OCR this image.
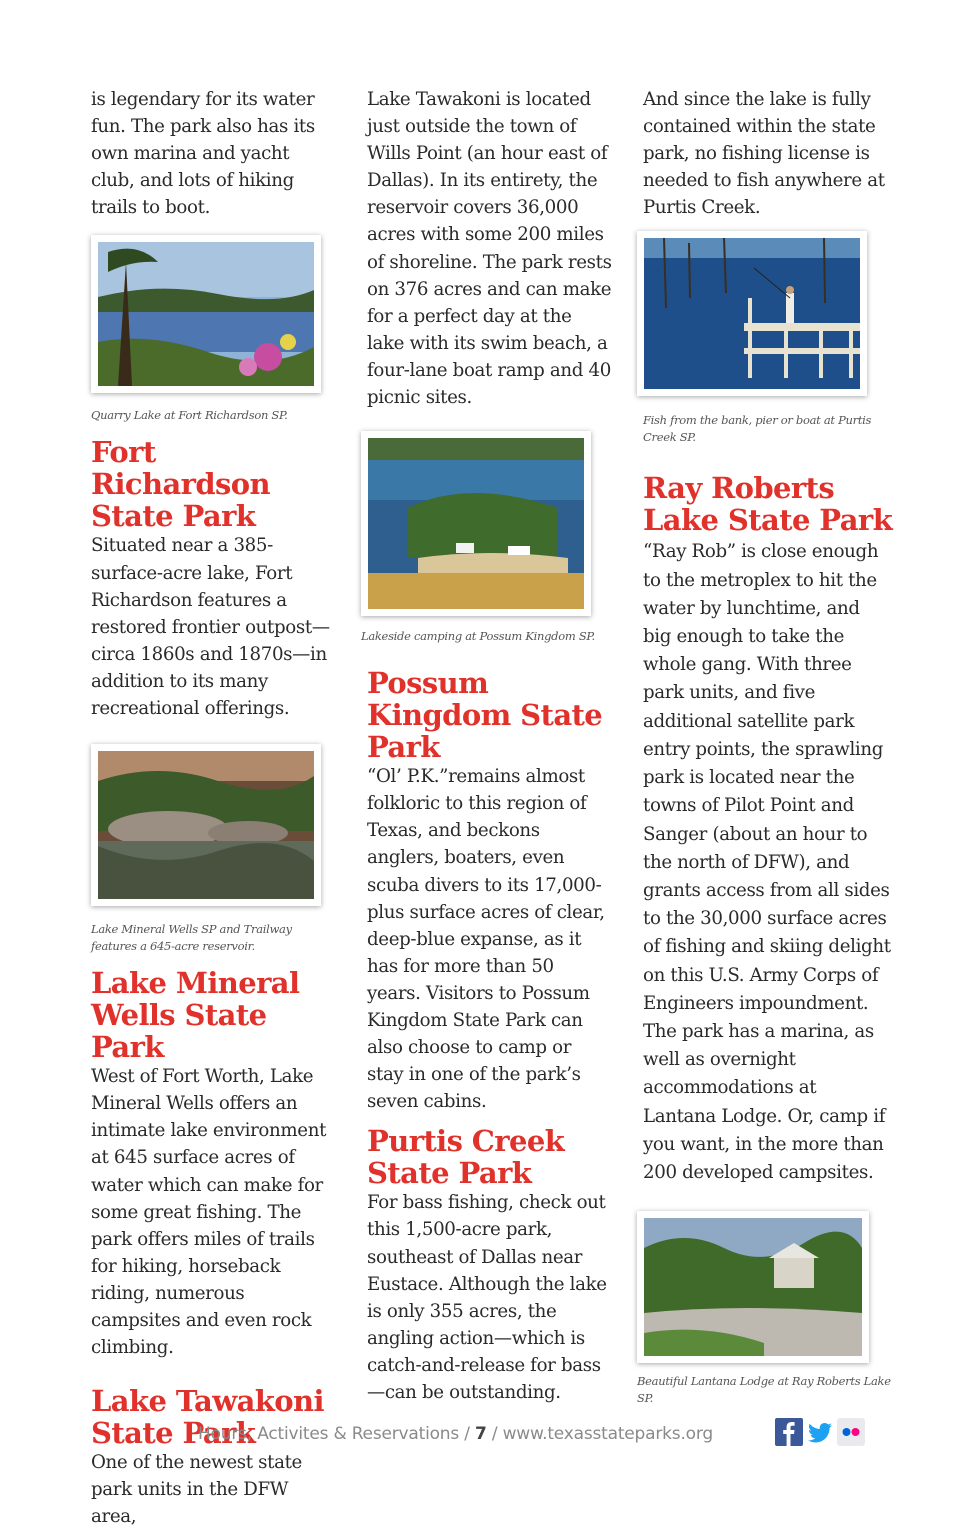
is legendary for its water fun. The park also has its own marina and yacht club, and lots of hiking trails to boot.

Quarry Lake at Fort Richardson SP.

Fort Richardson State Park

Situated near a 385-surface-acre lake, Fort Richardson features a restored frontier outpost—circa 1860s and 1870s—in addition to its many recreational offerings.

Lake Mineral Wells SP and Trailway features a 645-acre reservoir.

Lake Mineral Wells State Park

West of Fort Worth, Lake Mineral Wells offers an intimate lake environment at 645 surface acres of water which can make for some great fishing. The park offers miles of trails for hiking, horseback riding, numerous campsites and even rock climbing.

Lake Tawakoni State Park

One of the newest state park units in the DFW area,

Lake Tawakoni is located just outside the town of Wills Point (an hour east of Dallas). In its entirety, the reservoir covers 36,000 acres with some 200 miles of shoreline. The park rests on 376 acres and can make for a perfect day at the lake with its swim beach, a four-lane boat ramp and 40 picnic sites.

Lakeside camping at Possum Kingdom SP.

Possum Kingdom State Park

“Ol’ P.K.”remains almost folkloric to this region of Texas, and beckons anglers, boaters, even scuba divers to its 17,000-plus surface acres of clear, deep-blue expanse, as it has for more than 50 years. Visitors to Possum Kingdom State Park can also choose to camp or stay in one of the park’s seven cabins.

Purtis Creek State Park

For bass fishing, check out this 1,500-acre park, southeast of Dallas near Eustace. Although the lake is only 355 acres, the angling action—which is catch-and-release for bass—can be outstanding.

And since the lake is fully contained within the state park, no fishing license is needed to fish anywhere at Purtis Creek.

Fish from the bank, pier or boat at Purtis Creek SP.

Ray Roberts Lake State Park

“Ray Rob” is close enough to the metroplex to hit the water by lunchtime, and big enough to take the whole gang. With three park units, and five additional satellite park entry points, the sprawling park is located near the towns of Pilot Point and Sanger (about an hour to the north of DFW), and grants access from all sides to the 30,000 surface acres of fishing and skiing delight on this U.S. Army Corps of Engineers impoundment. The park has a marina, as well as overnight accommodations at Lantana Lodge. Or, camp if you want, in the more than 200 developed campsites.

Beautiful Lantana Lodge at Ray Roberts Lake SP.

Hours, Activites & Reservations / 7 / www.texasstateparks.org
